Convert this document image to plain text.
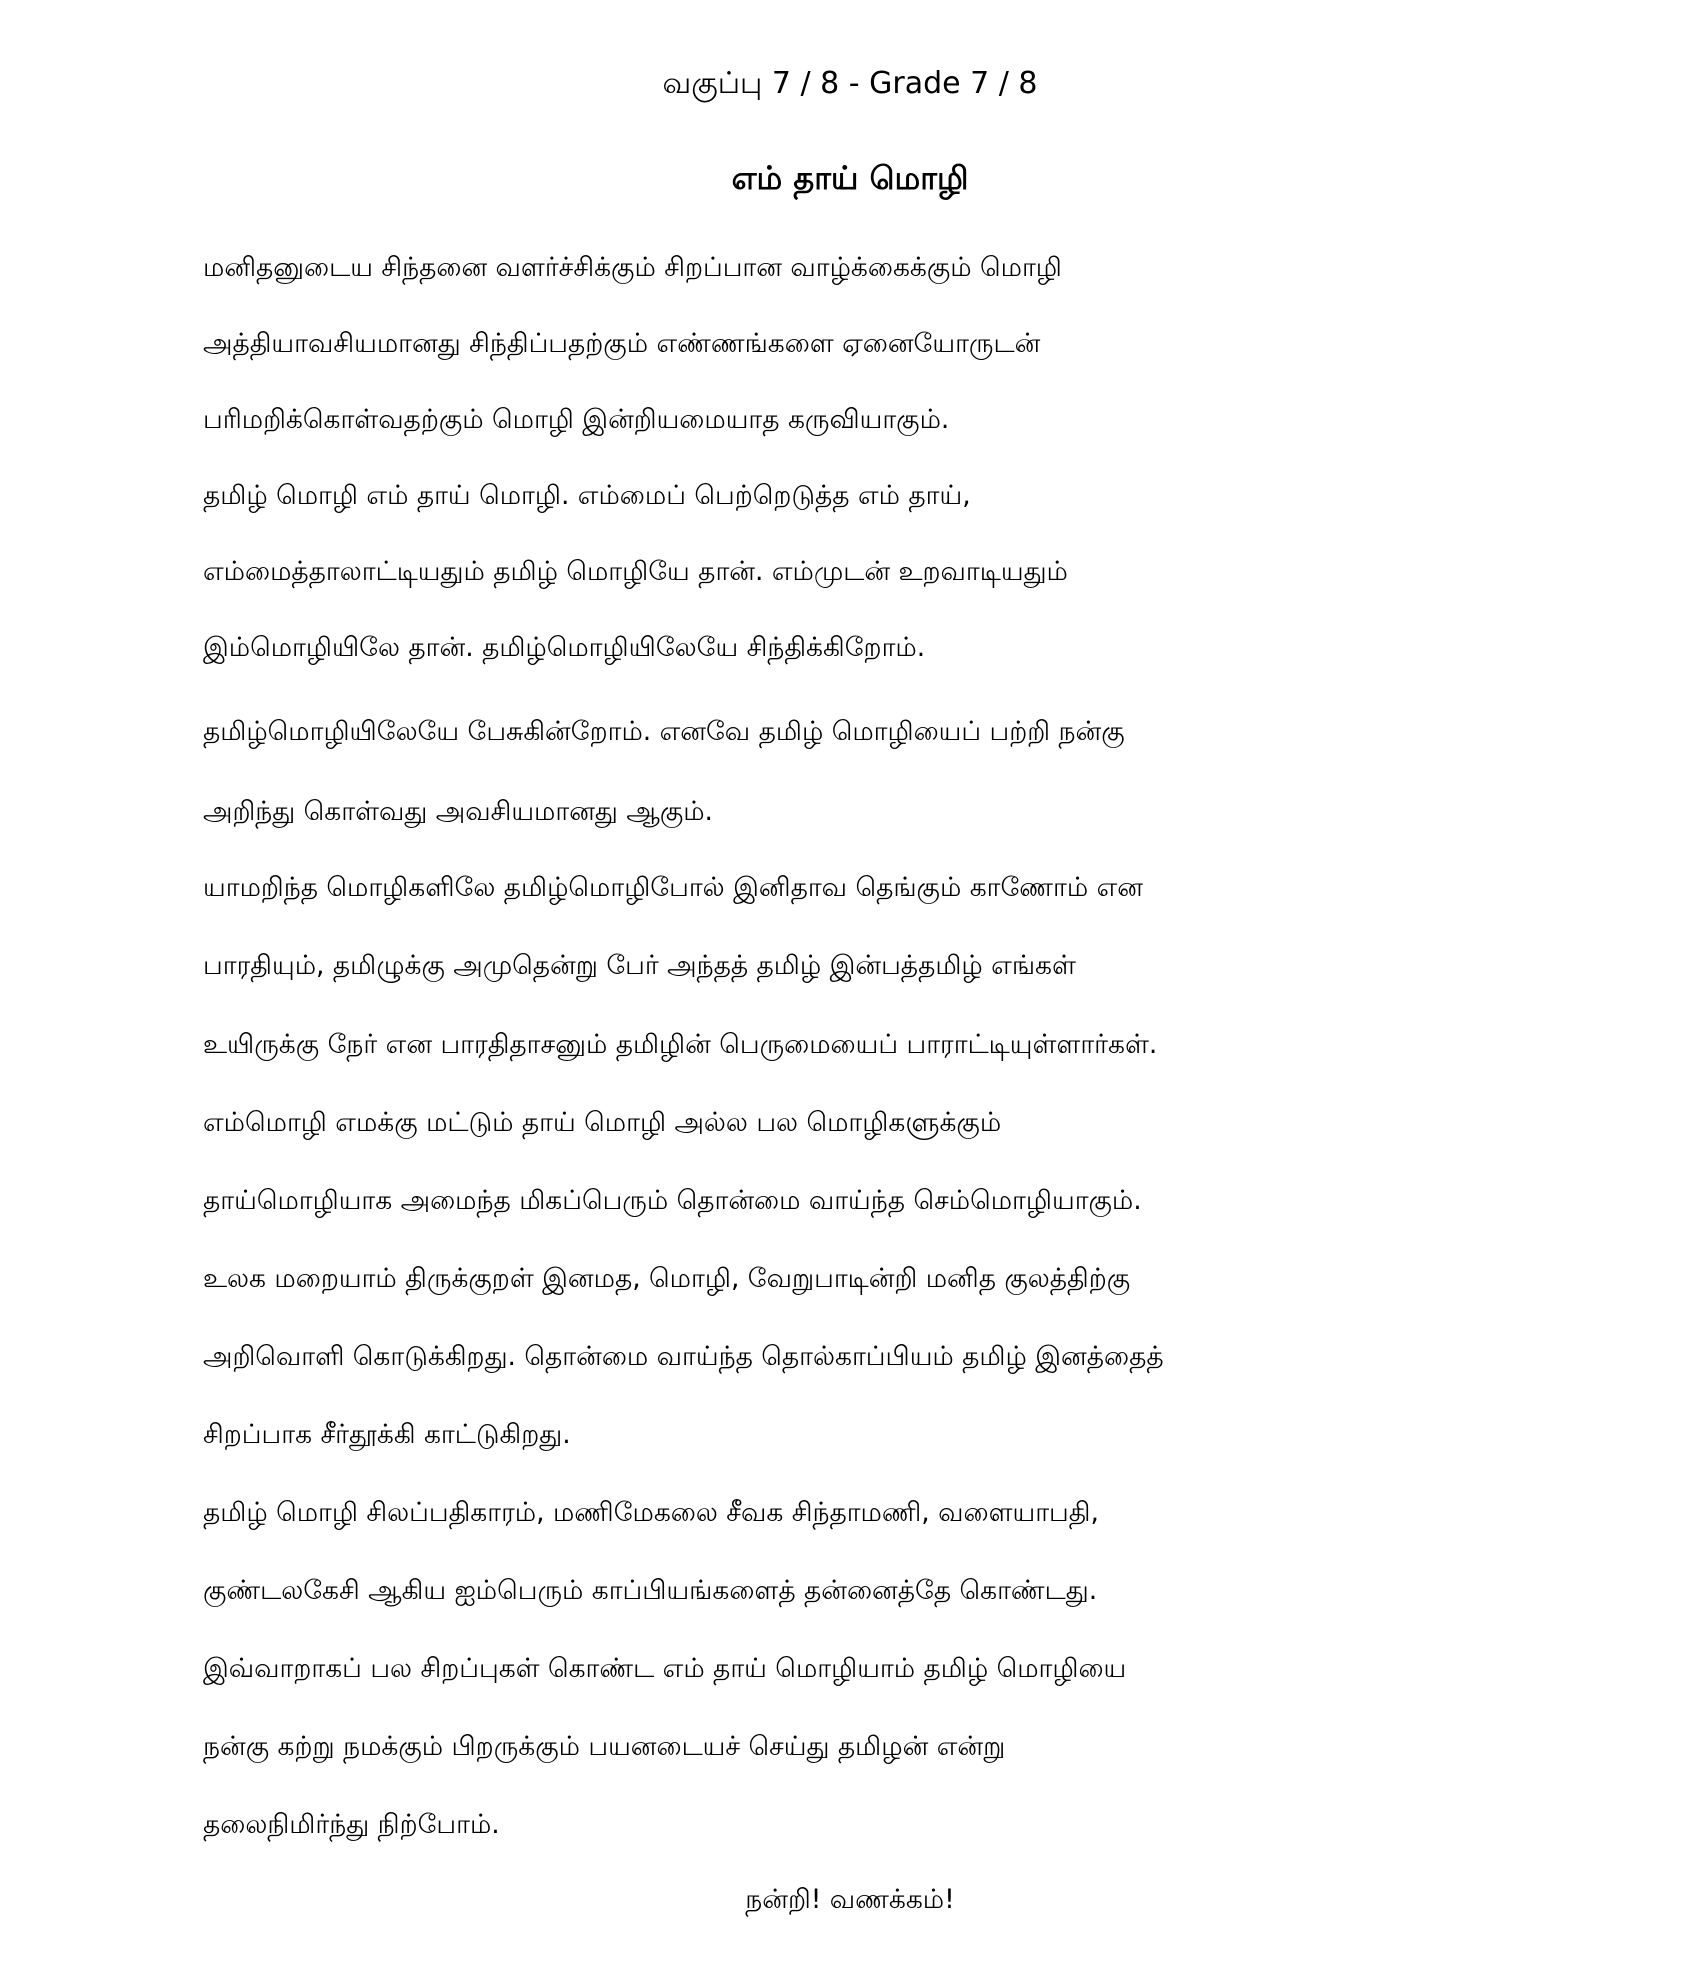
வகுப்பு 7 / 8 - Grade 7 / 8
எம் தாய் மொழி
மனிதனுடைய சிந்தனை வளர்ச்சிக்கும் சிறப்பான வாழ்க்கைக்கும் மொழி
அத்தியாவசியமானது சிந்திப்பதற்கும் எண்ணங்களை ஏனையோருடன்
பரிமறிக்கொள்வதற்கும் மொழி இன்றியமையாத கருவியாகும்.
தமிழ் மொழி எம் தாய் மொழி. எம்மைப் பெற்றெடுத்த எம் தாய்,
எம்மைத்தாலாட்டியதும் தமிழ் மொழியே தான். எம்முடன் உறவாடியதும்
இம்மொழியிலே தான். தமிழ்மாெழியிலேயே சிந்திக்கிறாேம்.
தமிழ்மாெழியிலேயே பேசுகின்றாேம். எனவே தமிழ் மொழியைப் பற்றி நன்கு
அறிந்து காெள்வது அவசியமானது ஆகும்.
யாமறிந்த மொழிகளிலே தமிழ்மொழிபோல் இனிதாவ தெங்கும் காணோம் என
பாரதியும், தமிழுக்கு அமுதென்று பேர் அந்தத் தமிழ் இன்பத்தமிழ் எங்கள்
உயிருக்கு நேர் என பாரதிதாசனும் தமிழின் பெருமையைப் பாராட்டியுள்ளார்கள்.
எம்மொழி எமக்கு மட்டும் தாய் மொழி அல்ல பல மொழிகளுக்கும்
தாய்மொழியாக அமைந்த மிகப்பெரும் தொன்மை வாய்ந்த செம்மொழியாகும்.
உலக மறையாம் திருக்குறள் இனமத, மொழி, வேறுபாடின்றி மனித குலத்திற்கு
அறிவொளி கொடுக்கிறது. தொன்மை வாய்ந்த தொல்காப்பியம் தமிழ் இனத்தைத்
சிறப்பாக சீர்தூக்கி காட்டுகிறது.
தமிழ் மொழி சிலப்பதிகாரம், மணிமேகலை சீவக சிந்தாமணி, வளையாபதி,
குண்டலகேசி ஆகிய ஐம்பெரும் காப்பியங்களைத் தன்னைத்தே கொண்டது.
இவ்வாறாகப் பல சிறப்புகள் கொண்ட எம் தாய் மொழியாம் தமிழ் மொழியை
நன்கு கற்று நமக்கும் பிறருக்கும் பயனடையச் செய்து தமிழன் என்று
தலைநிமிர்ந்து நிற்போம்.
நன்றி! வணக்கம்!
